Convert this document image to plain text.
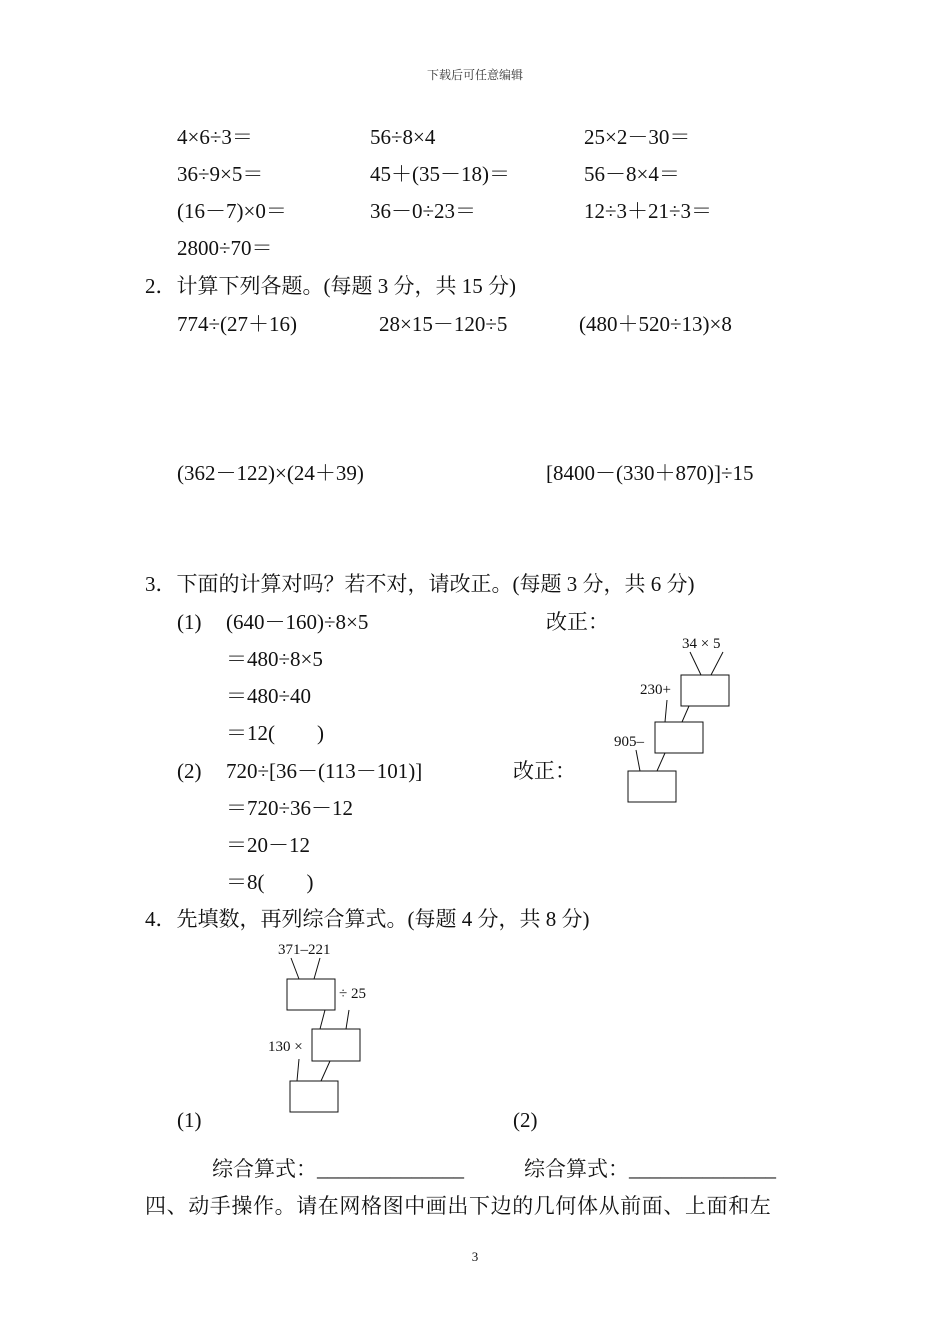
下载后可任意编辑
4×6÷3＝	56÷8×4	25×2－30＝
36÷9×5＝	45＋(35－18)＝	56－8×4＝
(16－7)×0＝	36－0÷23＝	12÷3＋21÷3＝
2800÷70＝
2．计算下列各题。(每题 3 分，共 15 分)
774÷(27＋16)	28×15－120÷5	(480＋520÷13)×8
(362－122)×(24＋39)	[8400－(330＋870)]÷15
3．下面的计算对吗？若不对，请改正。(每题 3 分，共 6 分)
(1) (640－160)÷8×5	改正：
＝480÷8×5
＝480÷40
＝12(　　)
(2) 720÷[36－(113－101)]	改正：
＝720÷36－12
＝20－12
＝8(　　)
34 × 5
230+
905–
4．先填数，再列综合算式。(每题 4 分，共 8 分)
371–221
÷ 25
130 ×
(1)	(2)
综合算式：______________	综合算式：______________
四、动手操作。请在网格图中画出下边的几何体从前面、上面和左
3
